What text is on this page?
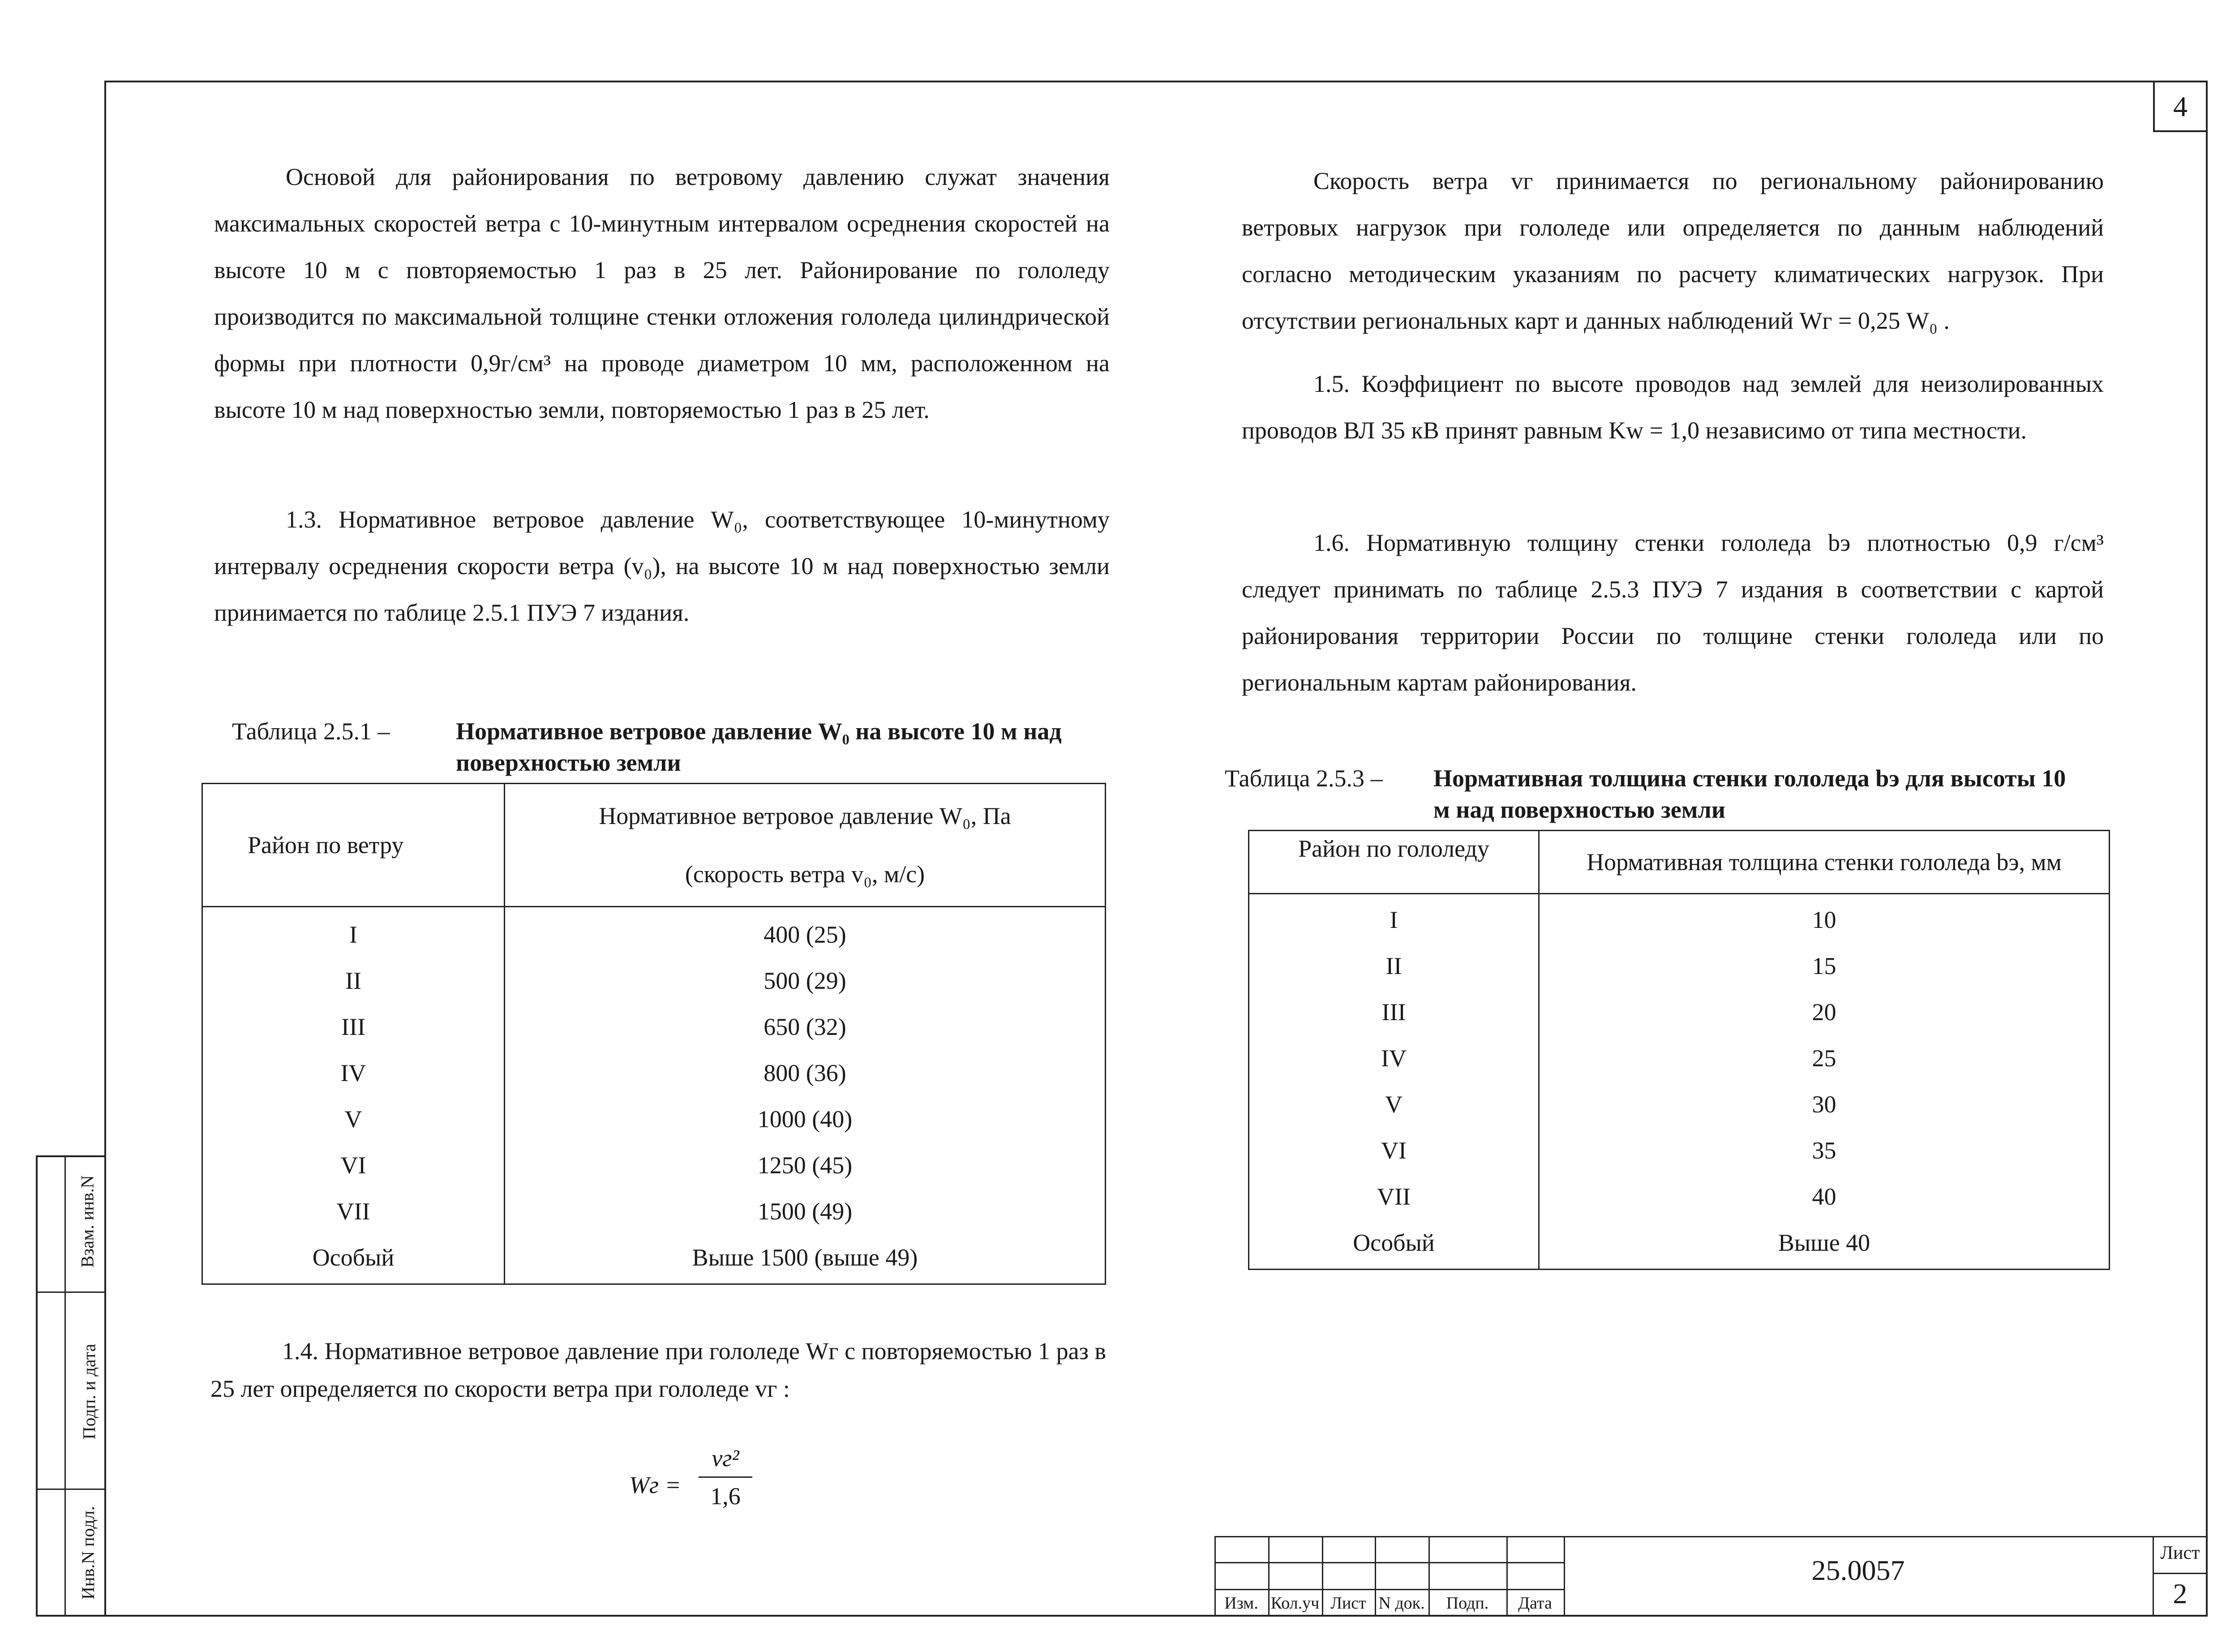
4

Основой для районирования по ветровому давлению служат значения максимальных скоростей ветра с 10-минутным интервалом осреднения скоростей на высоте 10 м с повторяемостью 1 раз в 25 лет. Районирование по гололеду производится по максимальной толщине стенки отложения гололеда цилиндрической формы при плотности 0,9г/см³ на проводе диаметром 10 мм, расположенном на высоте 10 м над поверхностью земли, повторяемостью 1 раз в 25 лет.

1.3. Нормативное ветровое давление W₀, соответствующее 10-минутному интервалу осреднения скорости ветра (v₀), на высоте 10 м над поверхностью земли принимается по таблице 2.5.1 ПУЭ 7 издания.

Таблица 2.5.1 –	Нормативное ветровое давление W₀ на высоте 10 м над поверхностью земли
Район по ветру	Нормативное ветровое давление W₀, Па
(скорость ветра v₀, м/с)

I	400 (25)
II	500 (29)
III	650 (32)
IV	800 (36)
V	1000 (40)
VI	1250 (45)
VII	1500 (49)
Особый	Выше 1500 (выше 49)

1.4. Нормативное ветровое давление при гололеде Wг с повторяемостью 1 раз в 25 лет определяется по скорости ветра при гололеде vг :

Wг =
vг²
1,6

Скорость ветра vг принимается по региональному районированию ветровых нагрузок при гололеде или определяется по данным наблюдений согласно методическим указаниям по расчету климатических нагрузок. При отсутствии региональных карт и данных наблюдений Wг = 0,25 W₀ .

1.5. Коэффициент по высоте проводов над землей для неизолированных проводов ВЛ 35 кВ принят равным Kw = 1,0 независимо от типа местности.

1.6. Нормативную толщину стенки гололеда bэ плотностью 0,9 г/см³ следует принимать по таблице 2.5.3 ПУЭ 7 издания в соответствии с картой районирования территории России по толщине стенки гололеда или по региональным картам районирования.

Таблица 2.5.3 – Нормативная толщина стенки гололеда bэ для высоты 10 м над поверхностью земли
Район по гололеду	Нормативная толщина стенки гололеда bэ, мм
I	10
II	15
III	20
IV	25
V	30
VI	35
VII	40
Особый	Выше 40
Изм. Кол.уч Лист N док.	Подп.	Дата
25.0057
Лист
2
Взам. инв.N
Подп. и дата
Инв.N подл.
